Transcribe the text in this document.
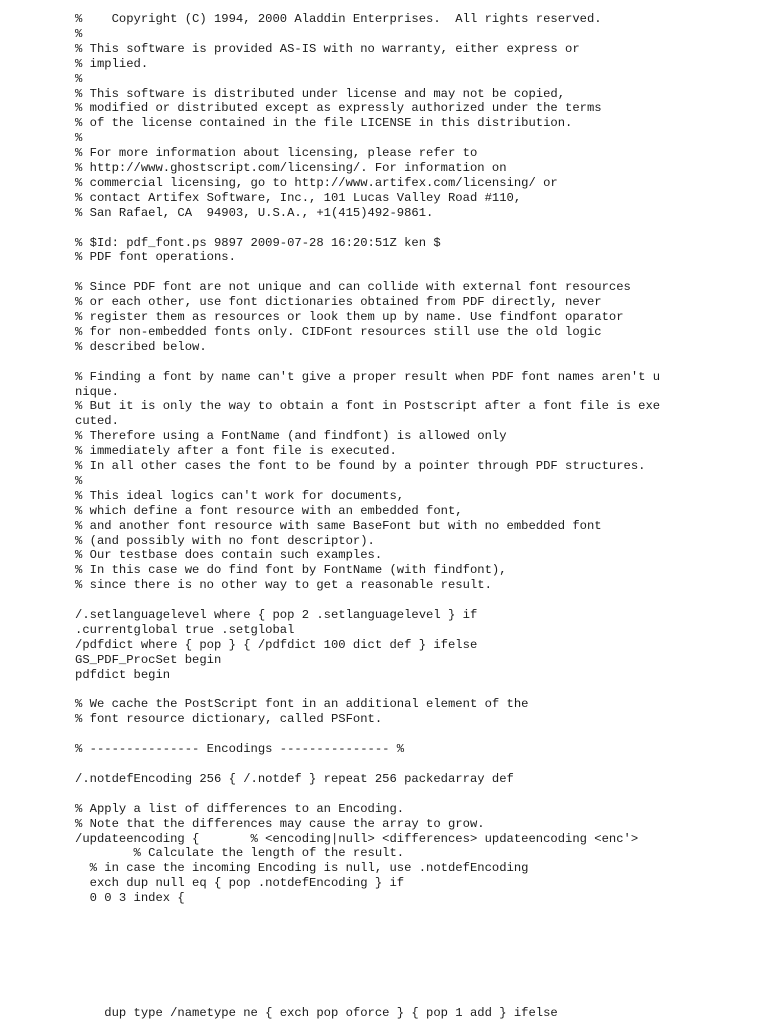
%    Copyright (C) 1994, 2000 Aladdin Enterprises.  All rights reserved.
%
% This software is provided AS-IS with no warranty, either express or
% implied.
%
% This software is distributed under license and may not be copied,
% modified or distributed except as expressly authorized under the terms
% of the license contained in the file LICENSE in this distribution.
%
% For more information about licensing, please refer to
% http://www.ghostscript.com/licensing/. For information on
% commercial licensing, go to http://www.artifex.com/licensing/ or
% contact Artifex Software, Inc., 101 Lucas Valley Road #110,
% San Rafael, CA  94903, U.S.A., +1(415)492-9861.
% $Id: pdf_font.ps 9897 2009-07-28 16:20:51Z ken $
% PDF font operations.
% Since PDF font are not unique and can collide with external font resources
% or each other, use font dictionaries obtained from PDF directly, never
% register them as resources or look them up by name. Use findfont oparator
% for non-embedded fonts only. CIDFont resources still use the old logic
% described below.
% Finding a font by name can't give a proper result when PDF font names aren't u
nique.
% But it is only the way to obtain a font in Postscript after a font file is exe
cuted.
% Therefore using a FontName (and findfont) is allowed only
% immediately after a font file is executed.
% In all other cases the font to be found by a pointer through PDF structures.
%
% This ideal logics can't work for documents,
% which define a font resource with an embedded font,
% and another font resource with same BaseFont but with no embedded font
% (and possibly with no font descriptor).
% Our testbase does contain such examples.
% In this case we do find font by FontName (with findfont),
% since there is no other way to get a reasonable result.
/.setlanguagelevel where { pop 2 .setlanguagelevel } if
.currentglobal true .setglobal
/pdfdict where { pop } { /pdfdict 100 dict def } ifelse
GS_PDF_ProcSet begin
pdfdict begin
% We cache the PostScript font in an additional element of the
% font resource dictionary, called PSFont.
% --------------- Encodings --------------- %
/.notdefEncoding 256 { /.notdef } repeat 256 packedarray def
% Apply a list of differences to an Encoding.
% Note that the differences may cause the array to grow.
/updateencoding {       % <encoding|null> <differences> updateencoding <enc'>
% Calculate the length of the result.
% in case the incoming Encoding is null, use .notdefEncoding
exch dup null eq { pop .notdefEncoding } if
0 0 3 index {
dup type /nametype ne { exch pop oforce } { pop 1 add } ifelse
